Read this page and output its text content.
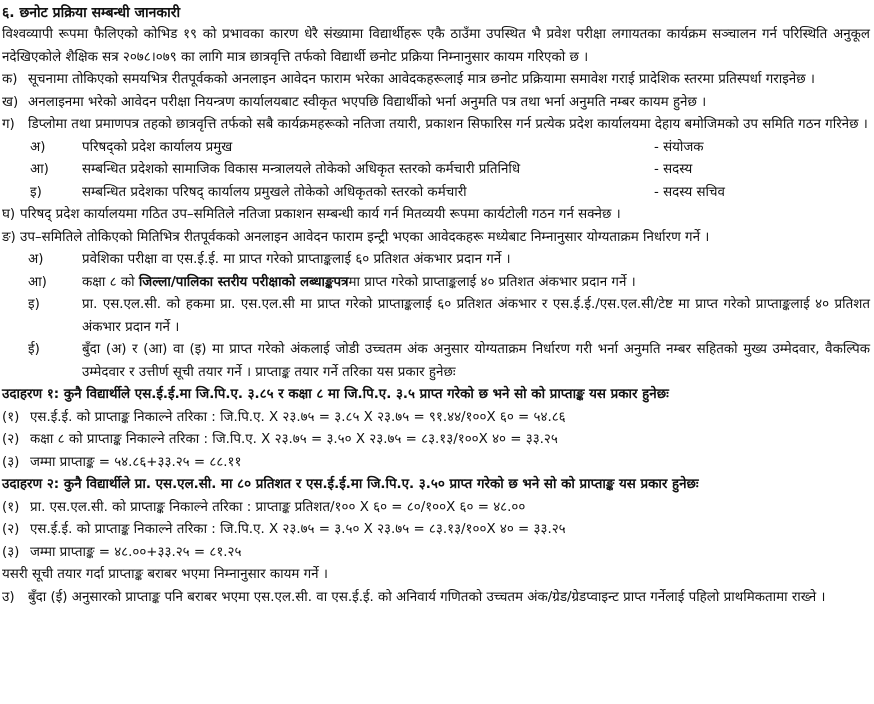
६. छनोट प्रक्रिया सम्बन्धी जानकारी
विश्वव्यापी रूपमा फैलिएको कोभिड १९ को प्रभावका कारण धेरै संख्यामा विद्यार्थीहरू एकै ठाउँमा उपस्थित भै प्रवेश परीक्षा लगायतका कार्यक्रम सञ्चालन गर्न परिस्थिति अनुकूल नदेखिएकोले शैक्षिक सत्र २०७८।०७९ का लागि मात्र छात्रवृत्ति तर्फको विद्यार्थी छनोट प्रक्रिया निम्नानुसार कायम गरिएको छ ।
क) सूचनामा तोकिएको समयभित्र रीतपूर्वकको अनलाइन आवेदन फाराम भरेका आवेदकहरूलाई मात्र छनोट प्रक्रियामा समावेश गराई प्रादेशिक स्तरमा प्रतिस्पर्धा गराइनेछ ।
ख) अनलाइनमा भरेको आवेदन परीक्षा नियन्त्रण कार्यालयबाट स्वीकृत भएपछि विद्यार्थीको भर्ना अनुमति पत्र तथा भर्ना अनुमति नम्बर कायम हुनेछ ।
ग) डिप्लोमा तथा प्रमाणपत्र तहको छात्रवृत्ति तर्फको सबै कार्यक्रमहरूको नतिजा तयारी, प्रकाशन सिफारिस गर्न प्रत्येक प्रदेश कार्यालयमा देहाय बमोजिमको उप समिति गठन गरिनेछ ।
अ)	परिषद्को प्रदेश कार्यालय प्रमुख	- संयोजक
आ)	सम्बन्धित प्रदेशको सामाजिक विकास मन्त्रालयले तोकेको अधिकृत स्तरको कर्मचारी प्रतिनिधि	- सदस्य
इ)	सम्बन्धित प्रदेशका परिषद् कार्यालय प्रमुखले तोकेको अधिकृतको स्तरको कर्मचारी	- सदस्य सचिव
घ) परिषद् प्रदेश कार्यालयमा गठित उप–समितिले नतिजा प्रकाशन सम्बन्धी कार्य गर्न मितव्ययी रूपमा कार्यटोली गठन गर्न सक्नेछ ।
ङ) उप–समितिले तोकिएको मितिभित्र रीतपूर्वकको अनलाइन आवेदन फाराम इन्ट्री भएका आवेदकहरू मध्येबाट निम्नानुसार योग्यताक्रम निर्धारण गर्ने ।
अ)	प्रवेशिका परीक्षा वा एस.ई.ई. मा प्राप्त गरेको प्राप्ताङ्कलाई ६० प्रतिशत अंकभार प्रदान गर्ने ।
आ)	कक्षा ८ को जिल्ला/पालिका स्तरीय परीक्षाको लब्धाङ्कपत्रमा प्राप्त गरेको प्राप्ताङ्कलाई ४० प्रतिशत अंकभार प्रदान गर्ने ।
इ)	प्रा. एस.एल.सी. को हकमा प्रा. एस.एल.सी मा प्राप्त गरेको प्राप्ताङ्कलाई ६० प्रतिशत अंकभार र एस.ई.ई./एस.एल.सी/टेष्ट मा प्राप्त गरेको प्राप्ताङ्कलाई ४० प्रतिशत अंकभार प्रदान गर्ने ।
ई)	बुँदा (अ) र (आ) वा (इ) मा प्राप्त गरेको अंकलाई जोडी उच्चतम अंक अनुसार योग्यताक्रम निर्धारण गरी भर्ना अनुमति नम्बर सहितको मुख्य उम्मेदवार, वैकल्पिक उम्मेदवार र उत्तीर्ण सूची तयार गर्ने । प्राप्ताङ्क तयार गर्ने तरिका यस प्रकार हुनेछः
उदाहरण १: कुनै विद्यार्थीले एस.ई.ई.मा जि.पि.ए. ३.८५ र कक्षा ८ मा जि.पि.ए. ३.५ प्राप्त गरेको छ भने सो को प्राप्ताङ्क यस प्रकार हुनेछः
(१) एस.ई.ई. को प्राप्ताङ्क निकाल्ने तरिका : जि.पि.ए. X २३.७५ = ३.८५ X २३.७५ = ९१.४४/१००X ६० = ५४.८६
(२) कक्षा ८ को प्राप्ताङ्क निकाल्ने तरिका : जि.पि.ए. X २३.७५ = ३.५० X २३.७५ = ८३.१३/१००X ४० = ३३.२५
(३) जम्मा प्राप्ताङ्क = ५४.८६+३३.२५ = ८८.११
उदाहरण २: कुनै विद्यार्थीले प्रा. एस.एल.सी. मा ८० प्रतिशत र एस.ई.ई.मा जि.पि.ए. ३.५० प्राप्त गरेको छ भने सो को प्राप्ताङ्क यस प्रकार हुनेछः
(१) प्रा. एस.एल.सी. को प्राप्ताङ्क निकाल्ने तरिका : प्राप्ताङ्क प्रतिशत/१०० X ६० = ८०/१००X ६० = ४८.००
(२) एस.ई.ई. को प्राप्ताङ्क निकाल्ने तरिका : जि.पि.ए. X २३.७५ = ३.५० X २३.७५ = ८३.१३/१००X ४० = ३३.२५
(३) जम्मा प्राप्ताङ्क = ४८.००+३३.२५ = ८१.२५
यसरी सूची तयार गर्दा प्राप्ताङ्क बराबर भएमा निम्नानुसार कायम गर्ने ।
उ)	बुँदा (ई) अनुसारको प्राप्ताङ्क पनि बराबर भएमा एस.एल.सी. वा एस.ई.ई. को अनिवार्य गणितको उच्चतम अंक/ग्रेड/ग्रेडप्वाइन्ट प्राप्त गर्नेलाई पहिलो प्राथमिकतामा राख्ने ।
